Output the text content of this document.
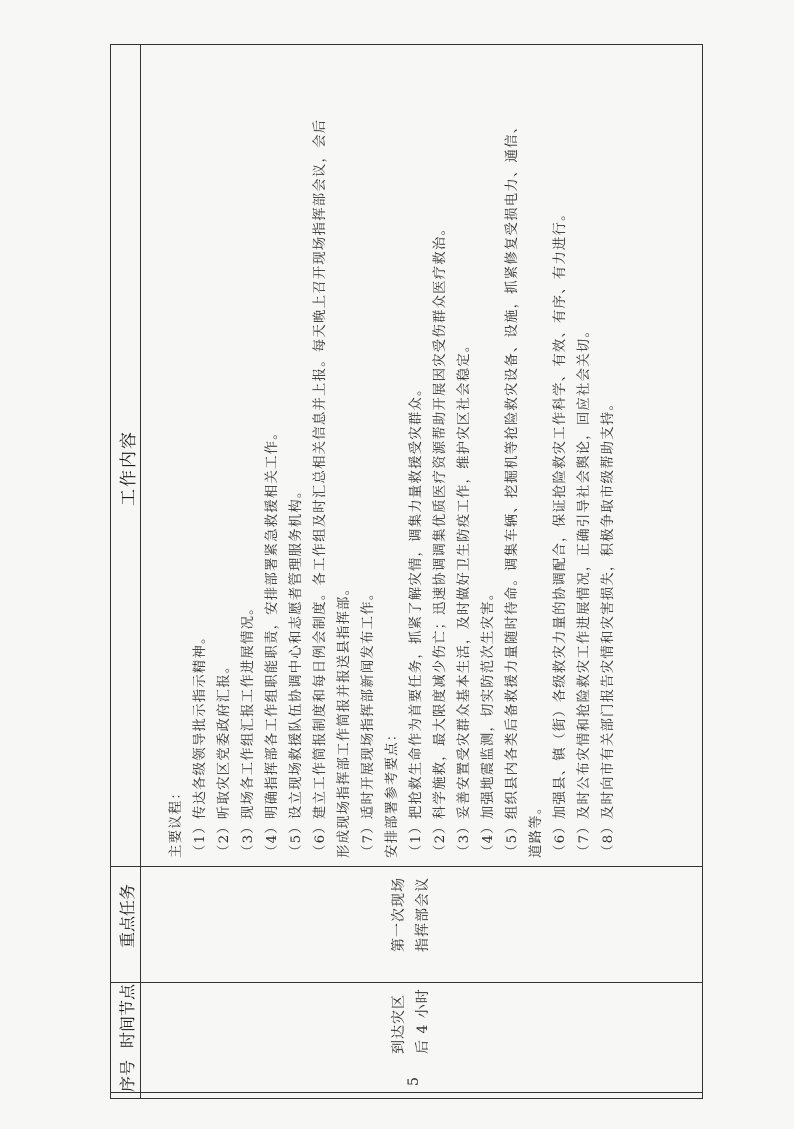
序号
时间节点
重点任务
工作内容
5
到达灾区 后 4 小时
第一次现场 指挥部会议
主要议程： （1）传达各级领导批示指示精神。 （2）听取灾区党委政府汇报。 （3）现场各工作组汇报工作进展情况。 （4）明确指挥部各工作组职能职责，安排部署紧急救援相关工作。 （5）设立现场救援队伍协调中心和志愿者管理服务机构。 （6）建立工作简报制度和每日例会制度。各工作组及时汇总相关信息并上报。每天晚上召开现场指挥部会议，会后 形成现场指挥部工作简报并报送县指挥部。 （7）适时开展现场指挥部新闻发布工作。 安排部署参考要点： （1）把抢救生命作为首要任务，抓紧了解灾情，调集力量救援受灾群众。 （2）科学施救，最大限度减少伤亡；迅速协调调集优质医疗资源帮助开展因灾受伤群众医疗救治。 （3）妥善安置受灾群众基本生活，及时做好卫生防疫工作，维护灾区社会稳定。 （4）加强地震监测，切实防范次生灾害。 （5）组织县内各类后备救援力量随时待命。调集车辆、挖掘机等抢险救灾设备、设施，抓紧修复受损电力、通信、 道路等。 （6）加强县、镇（街）各级救灾力量的协调配合，保证抢险救灾工作科学、有效、有序、有力进行。 （7）及时公布灾情和抢险救灾工作进展情况，正确引导社会舆论，回应社会关切。 （8）及时向市有关部门报告灾情和灾害损失，积极争取市级帮助支持。
